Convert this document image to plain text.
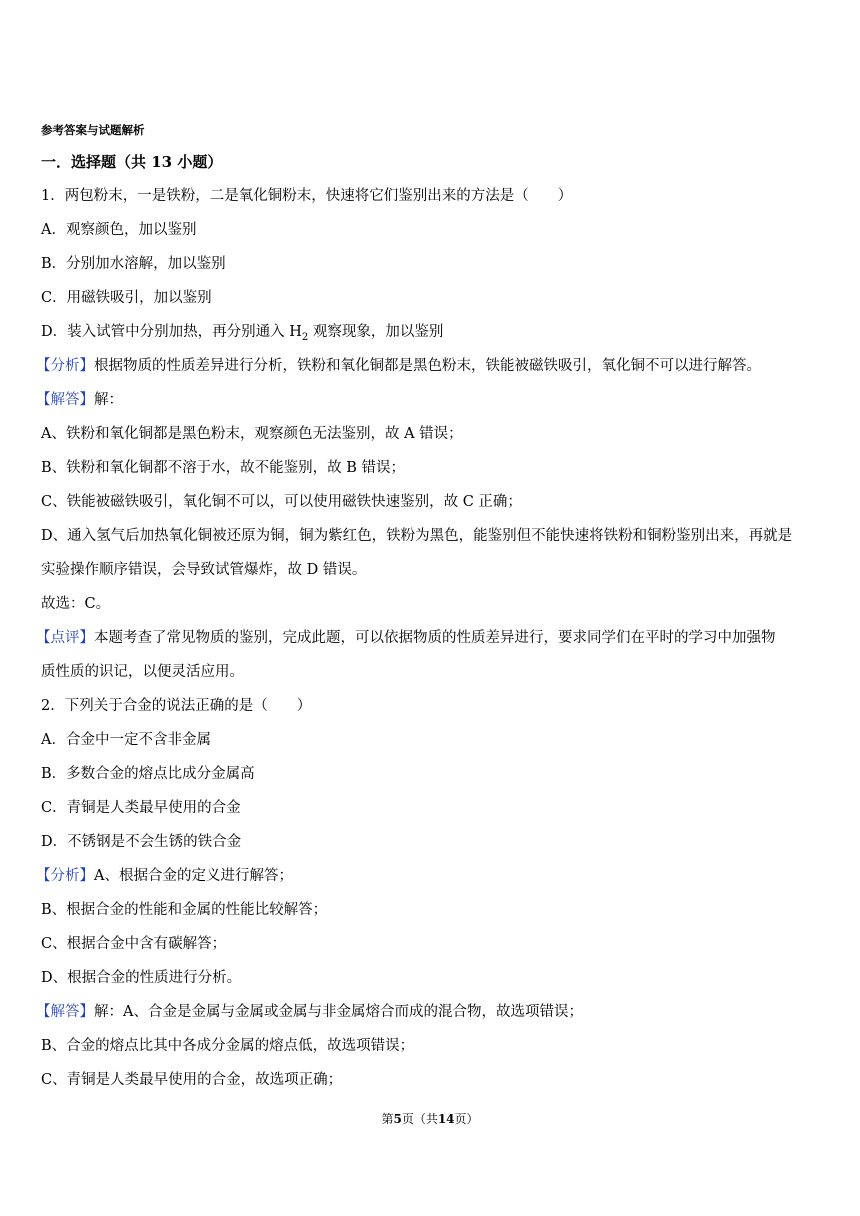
参考答案与试题解析
一．选择题（共 13 小题）
1．两包粉末，一是铁粉，二是氧化铜粉末，快速将它们鉴别出来的方法是（　　）
A．观察颜色，加以鉴别
B．分别加水溶解，加以鉴别
C．用磁铁吸引，加以鉴别
D．装入试管中分别加热，再分别通入 $H_2$ 观察现象，加以鉴别
【分析】根据物质的性质差异进行分析，铁粉和氧化铜都是黑色粉末，铁能被磁铁吸引，氧化铜不可以进行解答。
【解答】解：
A、铁粉和氧化铜都是黑色粉末，观察颜色无法鉴别，故 A 错误；
B、铁粉和氧化铜都不溶于水，故不能鉴别，故 B 错误；
C、铁能被磁铁吸引，氧化铜不可以，可以使用磁铁快速鉴别，故 C 正确；
D、通入氢气后加热氧化铜被还原为铜，铜为紫红色，铁粉为黑色，能鉴别但不能快速将铁粉和铜粉鉴别出来，再就是
实验操作顺序错误，会导致试管爆炸，故 D 错误。
故选：C。
【点评】本题考查了常见物质的鉴别，完成此题，可以依据物质的性质差异进行，要求同学们在平时的学习中加强物
质性质的识记，以便灵活应用。
2．下列关于合金的说法正确的是（　　）
A．合金中一定不含非金属
B．多数合金的熔点比成分金属高
C．青铜是人类最早使用的合金
D．不锈钢是不会生锈的铁合金
【分析】A、根据合金的定义进行解答；
B、根据合金的性能和金属的性能比较解答；
C、根据合金中含有碳解答；
D、根据合金的性质进行分析。
【解答】解：A、合金是金属与金属或金属与非金属熔合而成的混合物，故选项错误；
B、合金的熔点比其中各成分金属的熔点低，故选项错误；
C、青铜是人类最早使用的合金，故选项正确；
第5页（共14页）
